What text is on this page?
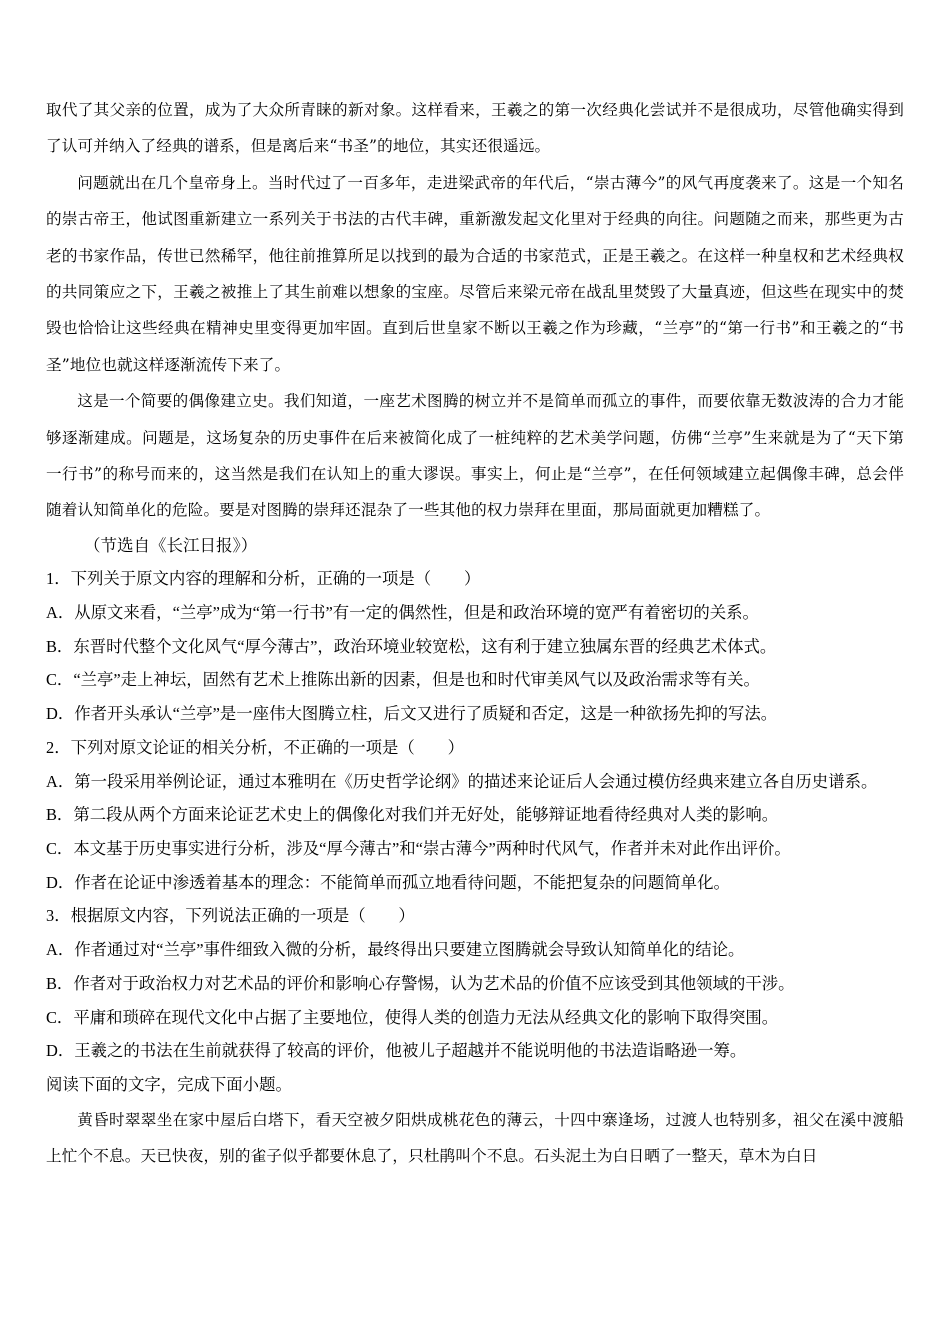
取代了其父亲的位置，成为了大众所青睐的新对象。这样看来，王羲之的第一次经典化尝试并不是很成功，尽管他确实得到了认可并纳入了经典的谱系，但是离后来“书圣”的地位，其实还很遥远。

问题就出在几个皇帝身上。当时代过了一百多年，走进梁武帝的年代后，“崇古薄今”的风气再度袭来了。这是一个知名的崇古帝王，他试图重新建立一系列关于书法的古代丰碑，重新激发起文化里对于经典的向往。问题随之而来，那些更为古老的书家作品，传世已然稀罕，他往前推算所足以找到的最为合适的书家范式，正是王羲之。在这样一种皇权和艺术经典权的共同策应之下，王羲之被推上了其生前难以想象的宝座。尽管后来梁元帝在战乱里焚毁了大量真迹，但这些在现实中的焚毁也恰恰让这些经典在精神史里变得更加牢固。直到后世皇家不断以王羲之作为珍藏，“兰亭”的“第一行书”和王羲之的“书圣”地位也就这样逐渐流传下来了。

这是一个简要的偶像建立史。我们知道，一座艺术图腾的树立并不是简单而孤立的事件，而要依靠无数波涛的合力才能够逐渐建成。问题是，这场复杂的历史事件在后来被简化成了一桩纯粹的艺术美学问题，仿佛“兰亭”生来就是为了“天下第一行书”的称号而来的，这当然是我们在认知上的重大谬误。事实上，何止是“兰亭”，在任何领域建立起偶像丰碑，总会伴随着认知简单化的危险。要是对图腾的崇拜还混杂了一些其他的权力崇拜在里面，那局面就更加糟糕了。

（节选自《长江日报》）
1．下列关于原文内容的理解和分析，正确的一项是（　　）
A．从原文来看，“兰亭”成为“第一行书”有一定的偶然性，但是和政治环境的宽严有着密切的关系。
B．东晋时代整个文化风气“厚今薄古”，政治环境业较宽松，这有利于建立独属东晋的经典艺术体式。
C．“兰亭”走上神坛，固然有艺术上推陈出新的因素，但是也和时代审美风气以及政治需求等有关。
D．作者开头承认“兰亭”是一座伟大图腾立柱，后文又进行了质疑和否定，这是一种欲扬先抑的写法。
2．下列对原文论证的相关分析，不正确的一项是（　　）
A．第一段采用举例论证，通过本雅明在《历史哲学论纲》的描述来论证后人会通过模仿经典来建立各自历史谱系。
B．第二段从两个方面来论证艺术史上的偶像化对我们并无好处，能够辩证地看待经典对人类的影响。
C．本文基于历史事实进行分析，涉及“厚今薄古”和“崇古薄今”两种时代风气，作者并未对此作出评价。
D．作者在论证中渗透着基本的理念：不能简单而孤立地看待问题，不能把复杂的问题简单化。
3．根据原文内容，下列说法正确的一项是（　　）
A．作者通过对“兰亭”事件细致入微的分析，最终得出只要建立图腾就会导致认知简单化的结论。
B．作者对于政治权力对艺术品的评价和影响心存警惕，认为艺术品的价值不应该受到其他领域的干涉。
C．平庸和琐碎在现代文化中占据了主要地位，使得人类的创造力无法从经典文化的影响下取得突围。
D．王羲之的书法在生前就获得了较高的评价，他被儿子超越并不能说明他的书法造诣略逊一筹。
阅读下面的文字，完成下面小题。

黄昏时翠翠坐在家中屋后白塔下，看天空被夕阳烘成桃花色的薄云，十四中寨逢场，过渡人也特别多，祖父在溪中渡船上忙个不息。天已快夜，别的雀子似乎都要休息了，只杜鹃叫个不息。石头泥土为白日晒了一整天，草木为白日
